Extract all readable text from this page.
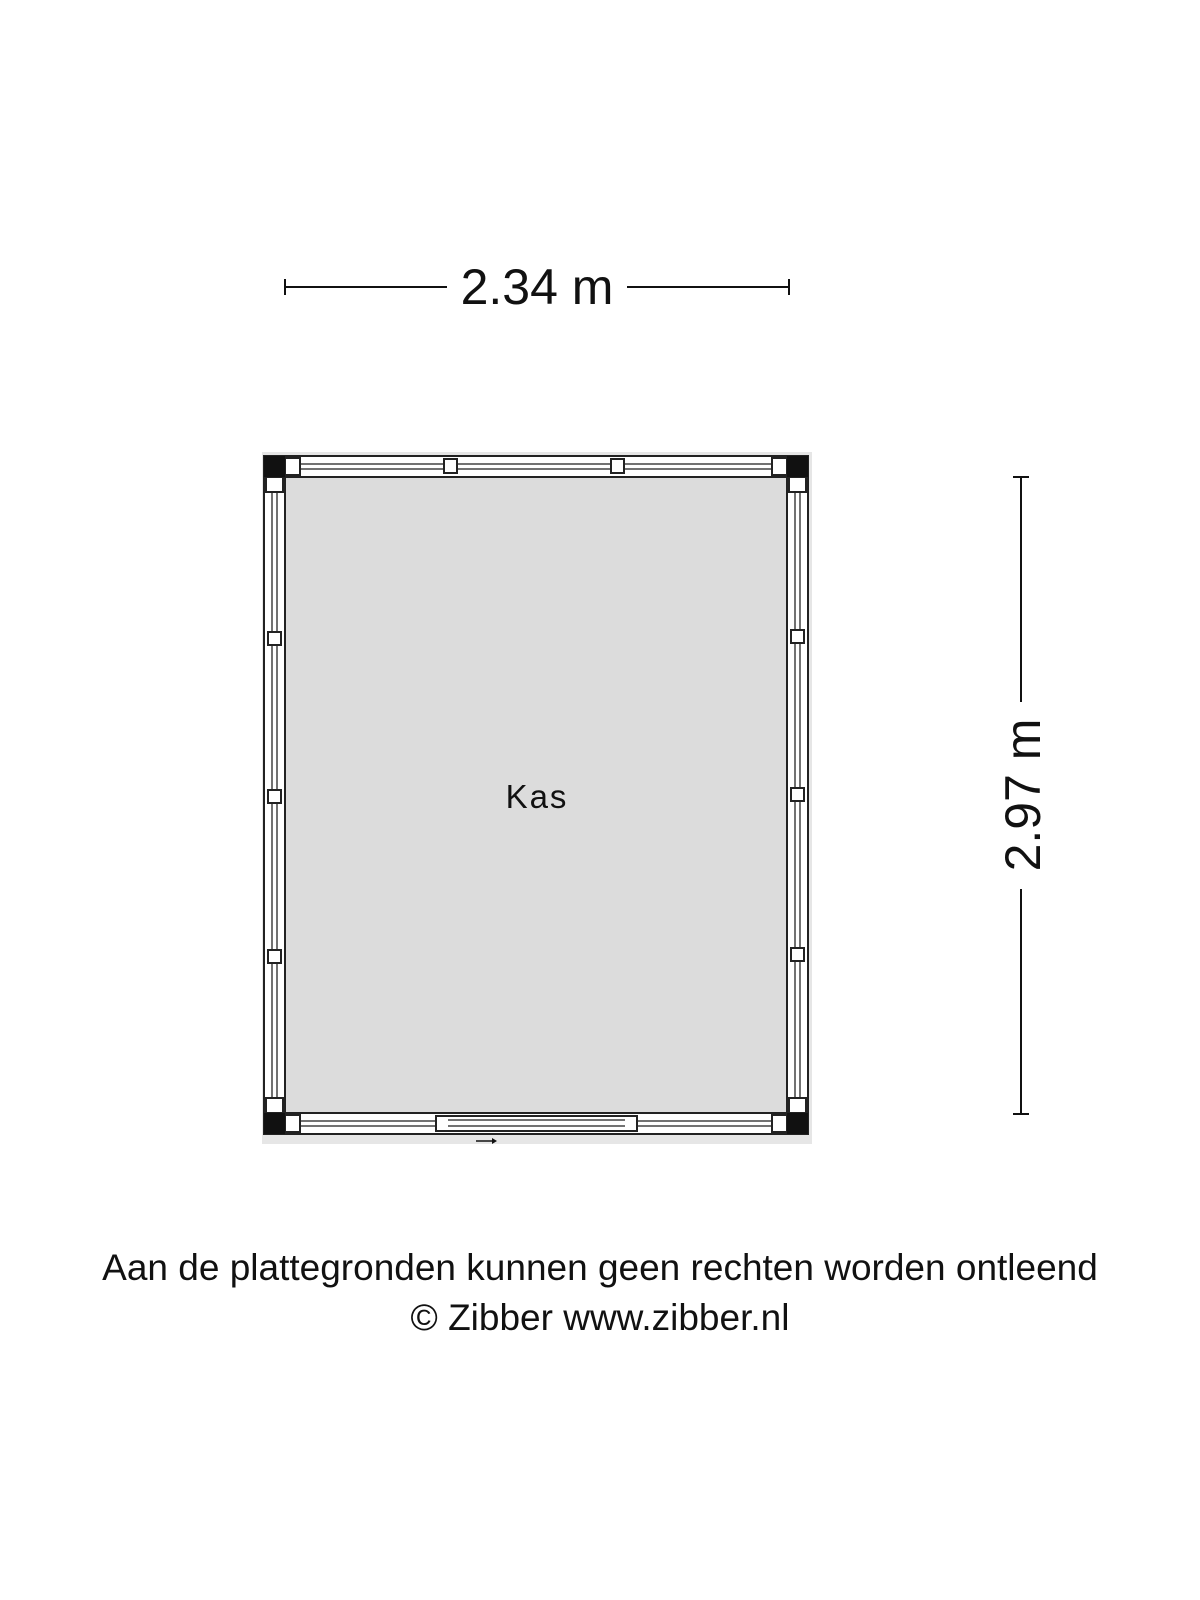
2.34 m
2.97 m
Kas
Aan de plattegronden kunnen geen rechten worden ontleend
© Zibber www.zibber.nl
